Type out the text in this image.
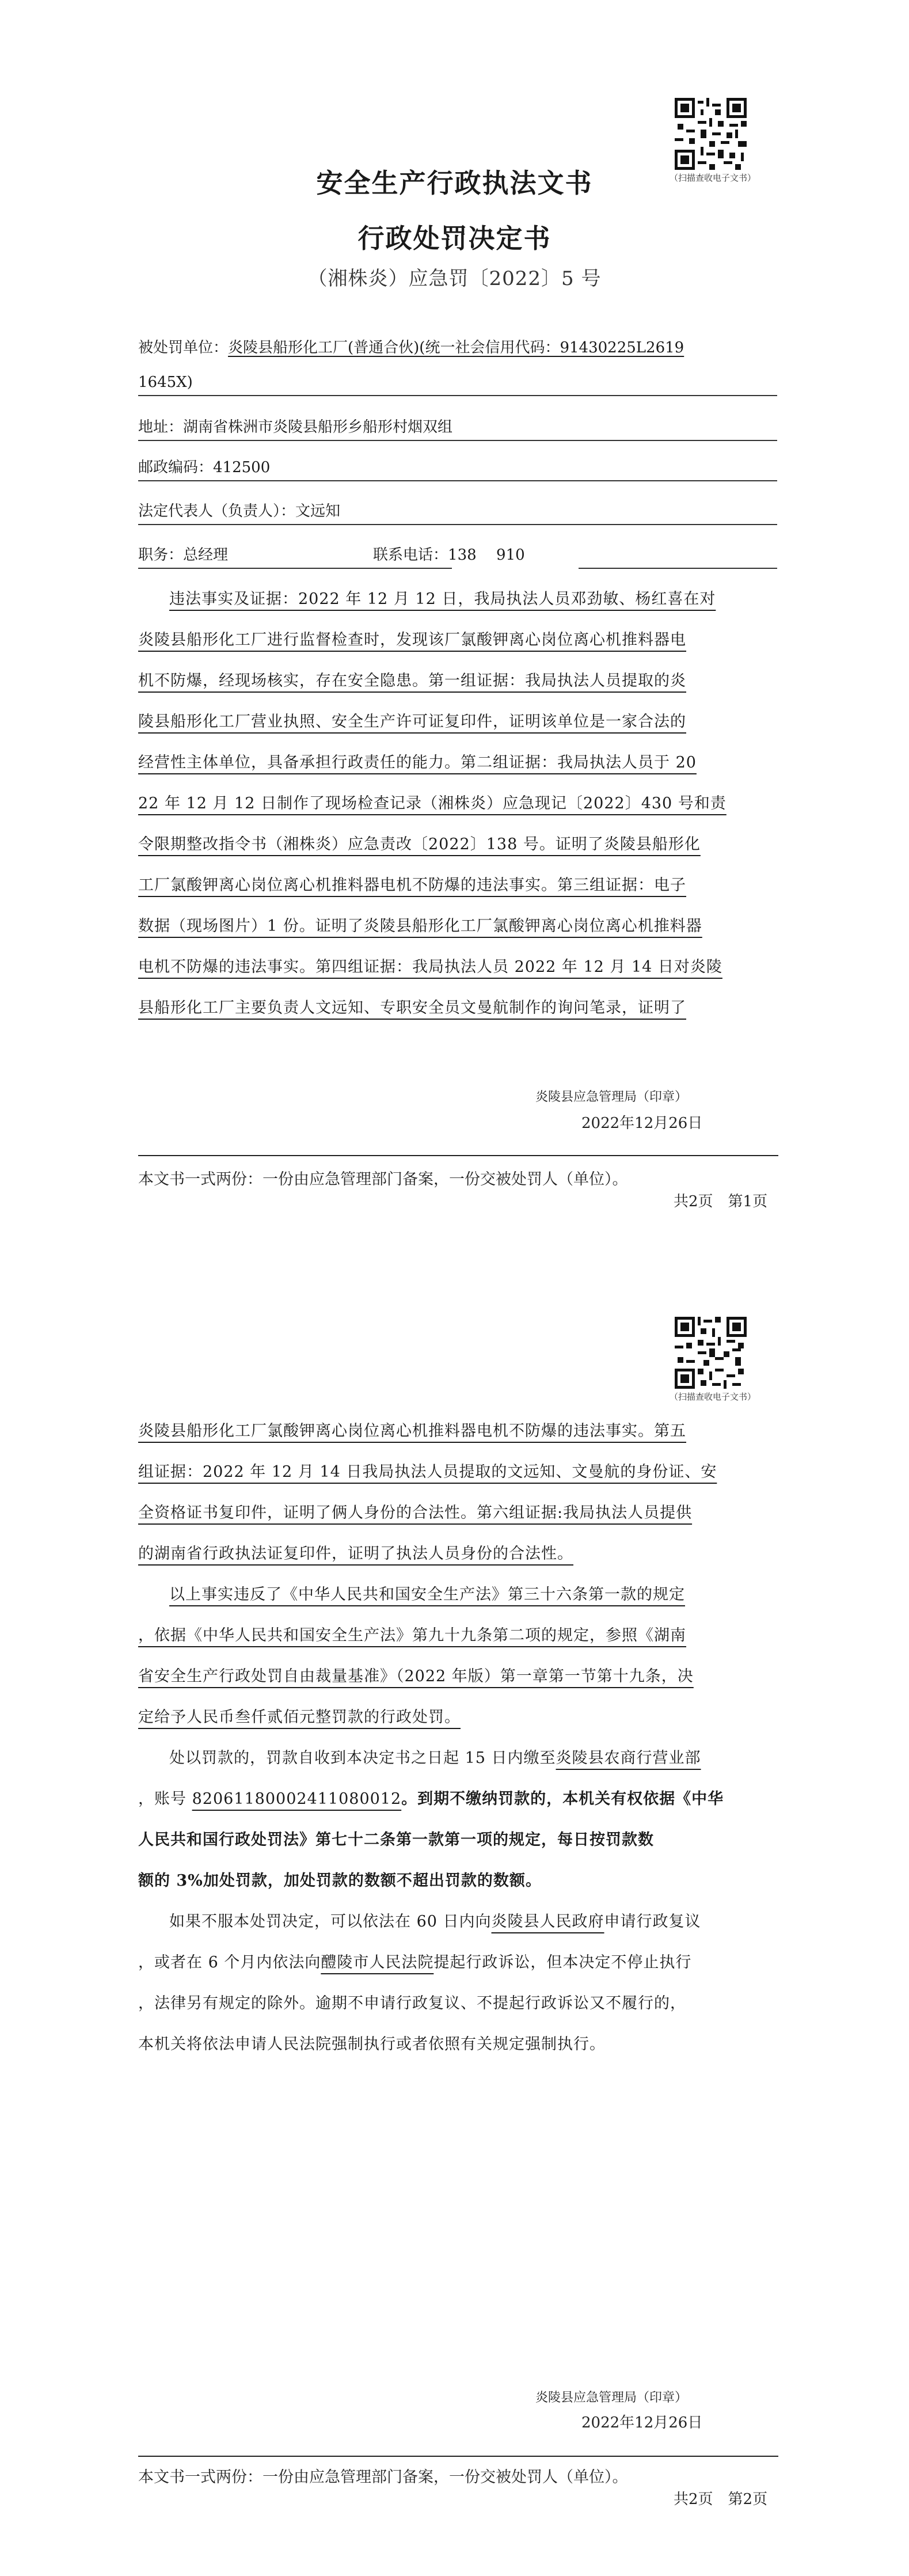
（扫描查收电子文书）
安全生产行政执法文书
行政处罚决定书
（湘株炎）应急罚〔2022〕5 号
被处罚单位：炎陵县船形化工厂(普通合伙)(统一社会信用代码：91430225L2619
1645X)
地址：湖南省株洲市炎陵县船形乡船形村烟双组
邮政编码：412500
法定代表人（负责人）：文远知
职务：总经理	联系电话：138 910
违法事实及证据：2022 年 12 月 12 日，我局执法人员邓劲敏、杨红喜在对
炎陵县船形化工厂进行监督检查时，发现该厂氯酸钾离心岗位离心机推料器电
机不防爆，经现场核实，存在安全隐患。第一组证据：我局执法人员提取的炎
陵县船形化工厂营业执照、安全生产许可证复印件，证明该单位是一家合法的
经营性主体单位，具备承担行政责任的能力。第二组证据：我局执法人员于 20
22 年 12 月 12 日制作了现场检查记录（湘株炎）应急现记〔2022〕430 号和责
令限期整改指令书（湘株炎）应急责改〔2022〕138 号。证明了炎陵县船形化
工厂氯酸钾离心岗位离心机推料器电机不防爆的违法事实。第三组证据：电子
数据（现场图片）1 份。证明了炎陵县船形化工厂氯酸钾离心岗位离心机推料器
电机不防爆的违法事实。第四组证据：我局执法人员 2022 年 12 月 14 日对炎陵
县船形化工厂主要负责人文远知、专职安全员文曼航制作的询问笔录，证明了
炎陵县应急管理局（印章）
2022年12月26日
本文书一式两份：一份由应急管理部门备案，一份交被处罚人（单位）。
共2页　第1页
（扫描查收电子文书）
炎陵县船形化工厂氯酸钾离心岗位离心机推料器电机不防爆的违法事实。第五
组证据：2022 年 12 月 14 日我局执法人员提取的文远知、文曼航的身份证、安
全资格证书复印件，证明了俩人身份的合法性。第六组证据:我局执法人员提供
的湖南省行政执法证复印件，证明了执法人员身份的合法性。
以上事实违反了《中华人民共和国安全生产法》第三十六条第一款的规定
，依据《中华人民共和国安全生产法》第九十九条第二项的规定，参照《湖南
省安全生产行政处罚自由裁量基准》（2022 年版）第一章第一节第十九条，决
定给予人民币叁仟贰佰元整罚款的行政处罚。
处以罚款的，罚款自收到本决定书之日起 15 日内缴至炎陵县农商行营业部
，账号 82061180002411080012。到期不缴纳罚款的，本机关有权依据《中华
人民共和国行政处罚法》第七十二条第一款第一项的规定，每日按罚款数
额的 3%加处罚款，加处罚款的数额不超出罚款的数额。
如果不服本处罚决定，可以依法在 60 日内向炎陵县人民政府申请行政复议
，或者在 6 个月内依法向醴陵市人民法院提起行政诉讼，但本决定不停止执行
，法律另有规定的除外。逾期不申请行政复议、不提起行政诉讼又不履行的，
本机关将依法申请人民法院强制执行或者依照有关规定强制执行。
炎陵县应急管理局（印章）
2022年12月26日
本文书一式两份：一份由应急管理部门备案，一份交被处罚人（单位）。
共2页　第2页
